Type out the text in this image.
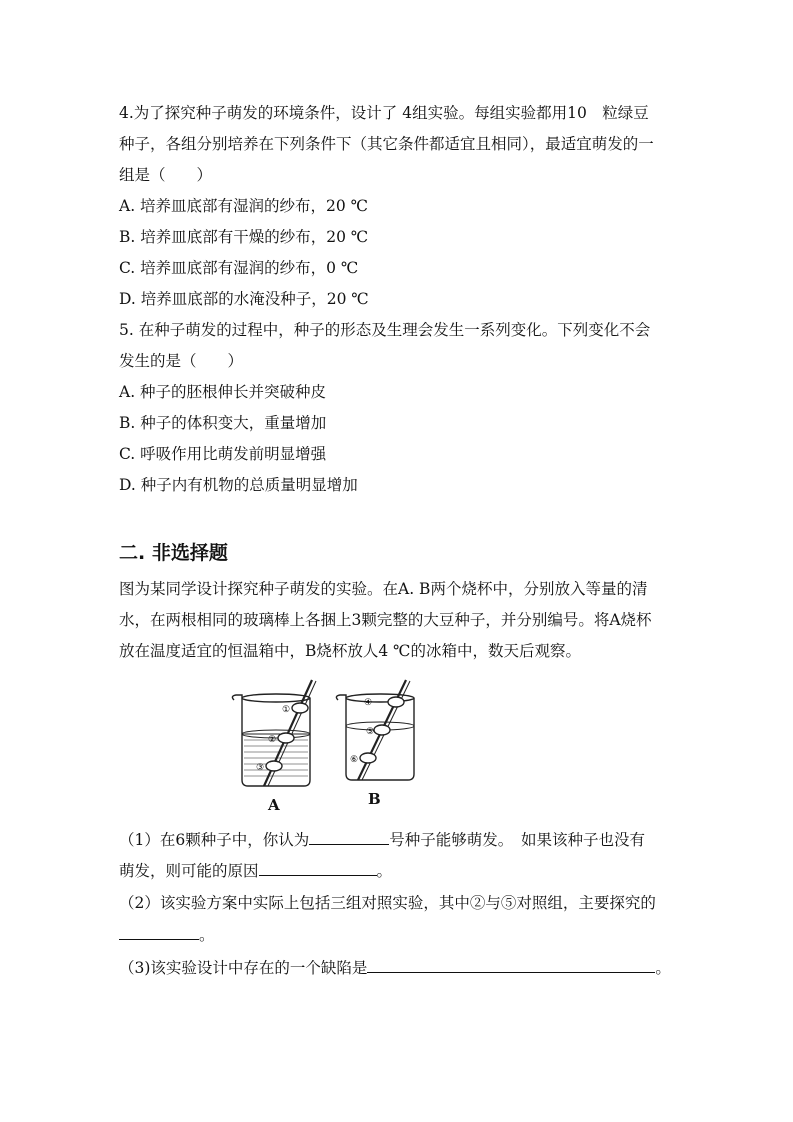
4.为了探究种子萌发的环境条件，设计了 4组实验。每组实验都用10　粒绿豆
种子，各组分别培养在下列条件下（其它条件都适宜且相同），最适宜萌发的一
组是（　　）
A. 培养皿底部有湿润的纱布，20 ℃
B. 培养皿底部有干燥的纱布，20 ℃
C. 培养皿底部有湿润的纱布，0 ℃
D. 培养皿底部的水淹没种子，20 ℃
5. 在种子萌发的过程中，种子的形态及生理会发生一系列变化。下列变化不会
发生的是（　　）
A. 种子的胚根伸长并突破种皮
B. 种子的体积变大，重量增加
C. 呼吸作用比萌发前明显增强
D. 种子内有机物的总质量明显增加
二. 非选择题
图为某同学设计探究种子萌发的实验。在A. B两个烧杯中，分别放入等量的清
水，在两根相同的玻璃棒上各捆上3颗完整的大豆种子，并分别编号。将A烧杯
放在温度适宜的恒温箱中，B烧杯放人4 ℃的冰箱中，数天后观察。
①
②
③
④
⑤
⑥
A	B
（1）在6颗种子中，你认为	号种子能够萌发。　如果该种子也没有
萌发，则可能的原因	。
（2）该实验方案中实际上包括三组对照实验，其中②与⑤对照组，主要探究的
。
（3)该实验设计中存在的一个缺陷是	。
